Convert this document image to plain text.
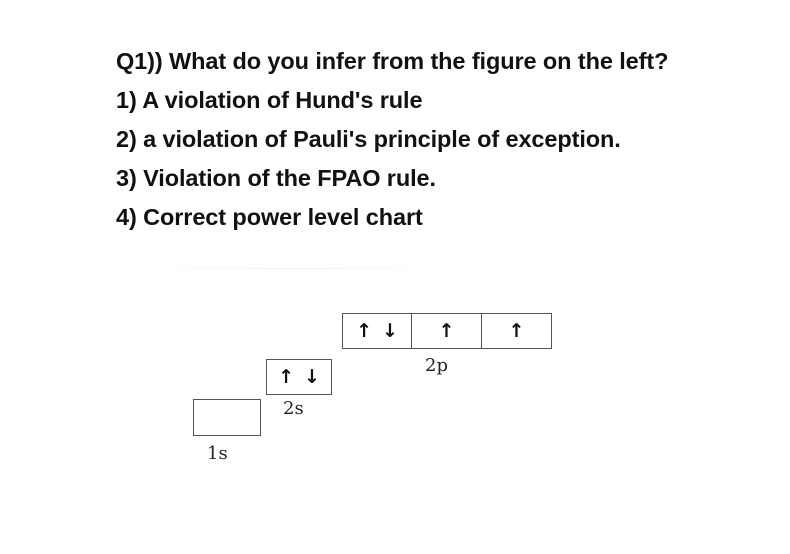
Q1)) What do you infer from the figure on the left?
1) A violation of Hund's rule
2) a violation of Pauli's principle of exception.
3) Violation of the FPAO rule.
4) Correct power level chart
1s
↑ ↓
2s
↑ ↓ ↑	↑
2p
